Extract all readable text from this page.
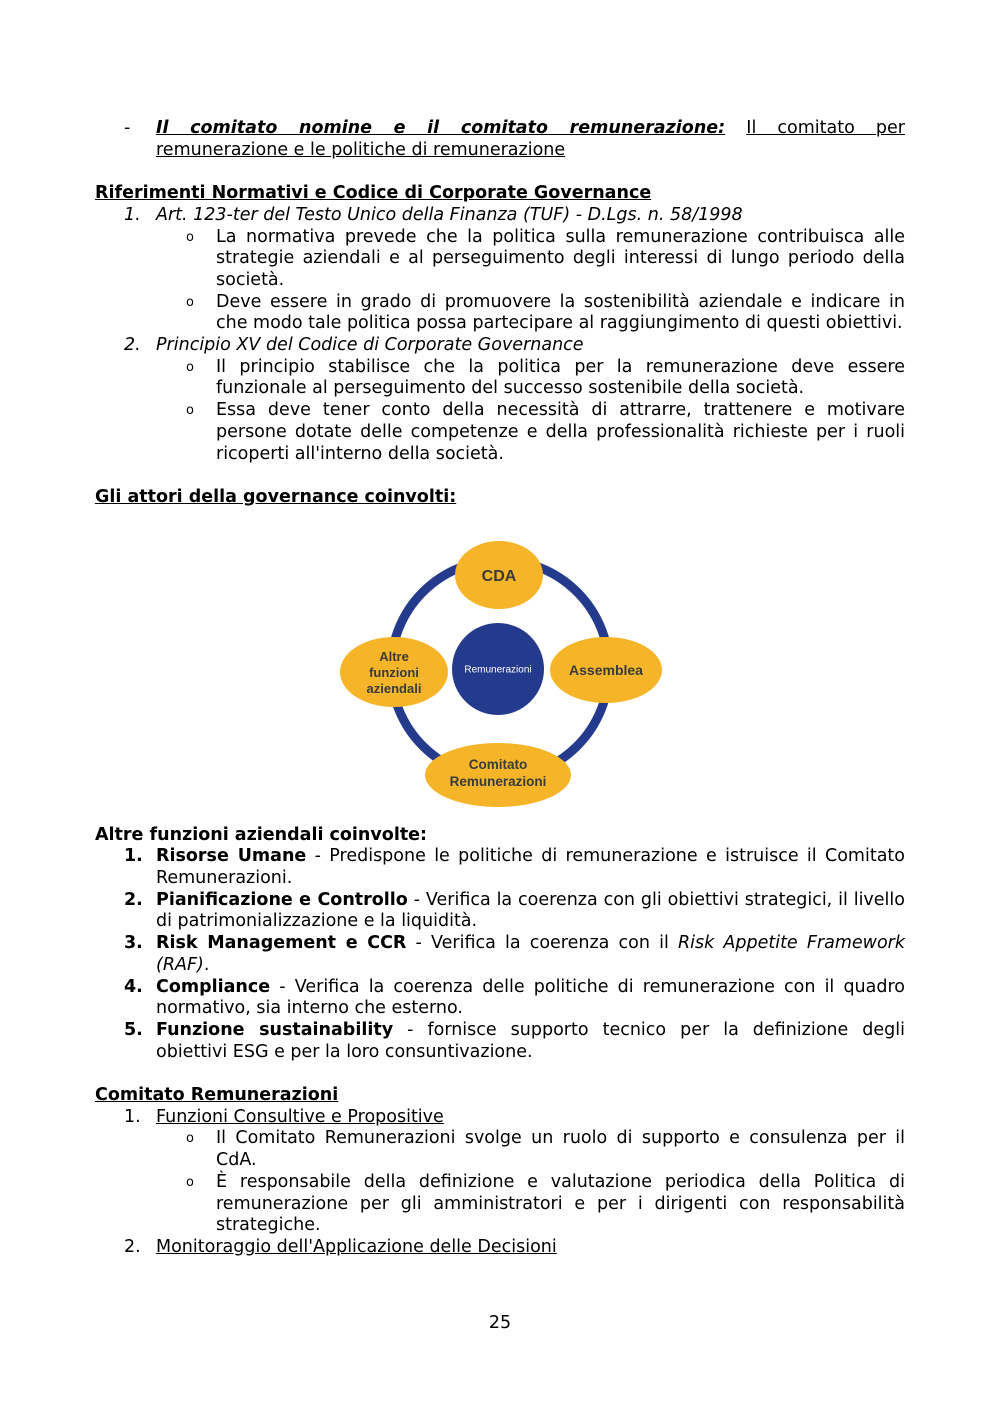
- Il comitato nomine e il comitato remunerazione: Il comitato per
remunerazione e le politiche di remunerazione
Riferimenti Normativi e Codice di Corporate Governance
1. Art. 123-ter del Testo Unico della Finanza (TUF) - D.Lgs. n. 58/1998
o La normativa prevede che la politica sulla remunerazione contribuisca alle strategie aziendali e al perseguimento degli interessi di lungo periodo della società.
o Deve essere in grado di promuovere la sostenibilità aziendale e indicare in che modo tale politica possa partecipare al raggiungimento di questi obiettivi.
2. Principio XV del Codice di Corporate Governance
o Il principio stabilisce che la politica per la remunerazione deve essere funzionale al perseguimento del successo sostenibile della società.
o Essa deve tener conto della necessità di attrarre, trattenere e motivare persone dotate delle competenze e della professionalità richieste per i ruoli ricoperti all'interno della società.
Gli attori della governance coinvolti:
Remunerazioni
CDA
Assemblea
Comitato
Remunerazioni
Altre
funzioni
aziendali
Altre funzioni aziendali coinvolte:
1. Risorse Umane - Predispone le politiche di remunerazione e istruisce il Comitato Remunerazioni.
2. Pianificazione e Controllo - Verifica la coerenza con gli obiettivi strategici, il livello di patrimonializzazione e la liquidità.
3. Risk Management e CCR - Verifica la coerenza con il Risk Appetite Framework (RAF).
4. Compliance - Verifica la coerenza delle politiche di remunerazione con il quadro normativo, sia interno che esterno.
5. Funzione sustainability - fornisce supporto tecnico per la definizione degli obiettivi ESG e per la loro consuntivazione.
Comitato Remunerazioni
1. Funzioni Consultive e Propositive
o Il Comitato Remunerazioni svolge un ruolo di supporto e consulenza per il CdA.
o È responsabile della definizione e valutazione periodica della Politica di remunerazione per gli amministratori e per i dirigenti con responsabilità strategiche.
2. Monitoraggio dell'Applicazione delle Decisioni
25
